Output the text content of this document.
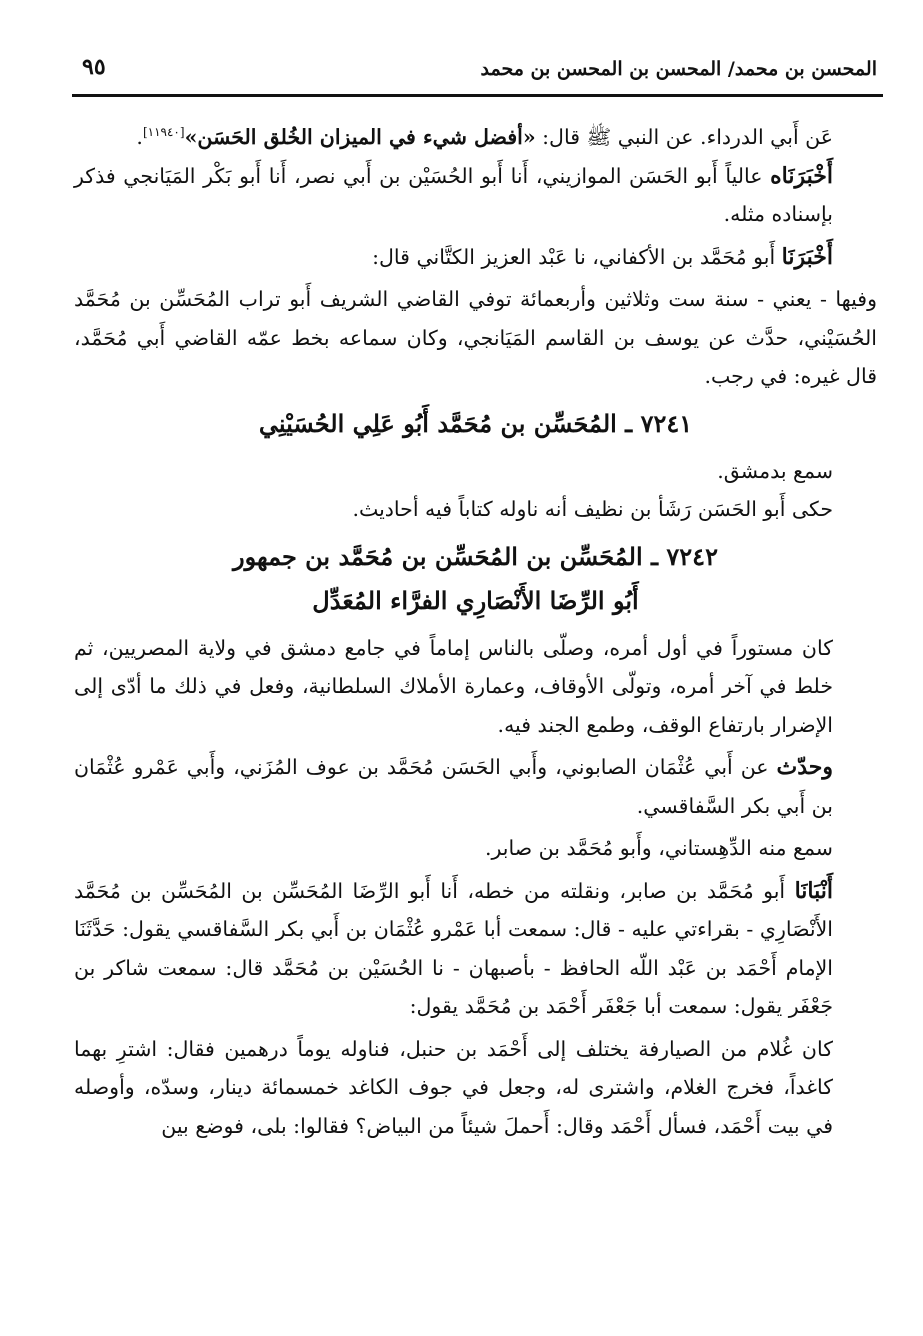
المحسن بن محمد/ المحسن بن المحسن بن محمد
٩٥

عَن أَبي الدرداء. عن النبي ﷺ قال: «أفضل شيء في الميزان الخُلق الحَسَن»[١١٩٤٠].

أَخْبَرَنَاه عالياً أَبو الحَسَن الموازيني، أَنا أَبو الحُسَيْن بن أَبي نصر، أَنا أَبو بَكْر المَيَانجي فذكر بإسناده مثله.

أَخْبَرَنَا أَبو مُحَمَّد بن الأكفاني، نا عَبْد العزيز الكتَّاني قال:

وفيها - يعني - سنة ست وثلاثين وأربعمائة توفي القاضي الشريف أَبو تراب المُحَسِّن بن مُحَمَّد الحُسَيْني، حدَّث عن يوسف بن القاسم المَيَانجي، وكان سماعه بخط عمّه القاضي أَبي مُحَمَّد، قال غيره: في رجب.

٧٢٤١ ـ المُحَسِّن بن مُحَمَّد أَبُو عَلِي الحُسَيْنِي

سمع بدمشق.

حكى أَبو الحَسَن رَشَأ بن نظيف أنه ناوله كتاباً فيه أحاديث.

٧٢٤٢ ـ المُحَسِّن بن المُحَسِّن بن مُحَمَّد بن جمهور
أَبُو الرِّضَا الأَنْصَارِي الفرَّاء المُعَدِّل

كان مستوراً في أول أمره، وصلّى بالناس إماماً في جامع دمشق في ولاية المصريين، ثم خلط في آخر أمره، وتولّى الأوقاف، وعمارة الأملاك السلطانية، وفعل في ذلك ما أدّى إلى الإضرار بارتفاع الوقف، وطمع الجند فيه.

وحدّث عن أَبي عُثْمَان الصابوني، وأَبي الحَسَن مُحَمَّد بن عوف المُزَني، وأَبي عَمْرو عُثْمَان بن أَبي بكر السَّفاقسي.

سمع منه الدِّهِستاني، وأَبو مُحَمَّد بن صابر.

أَنْبَانَا أَبو مُحَمَّد بن صابر، ونقلته من خطه، أَنا أَبو الرِّضَا المُحَسِّن بن المُحَسِّن بن مُحَمَّد الأَنْصَارِي - بقراءتي عليه - قال: سمعت أبا عَمْرو عُثْمَان بن أَبي بكر السَّفاقسي يقول: حَدَّثَنَا الإمام أَحْمَد بن عَبْد اللّه الحافظ - بأصبهان - نا الحُسَيْن بن مُحَمَّد قال: سمعت شاكر بن جَعْفَر يقول: سمعت أبا جَعْفَر أَحْمَد بن مُحَمَّد يقول:

كان غُلام من الصيارفة يختلف إلى أَحْمَد بن حنبل، فناوله يوماً درهمين فقال: اشترِ بهما كاغداً، فخرج الغلام، واشترى له، وجعل في جوف الكاغد خمسمائة دينار، وسدّه، وأوصله في بيت أَحْمَد، فسأل أَحْمَد وقال: أَحملَ شيئاً من البياض؟ فقالوا: بلى، فوضع بين
